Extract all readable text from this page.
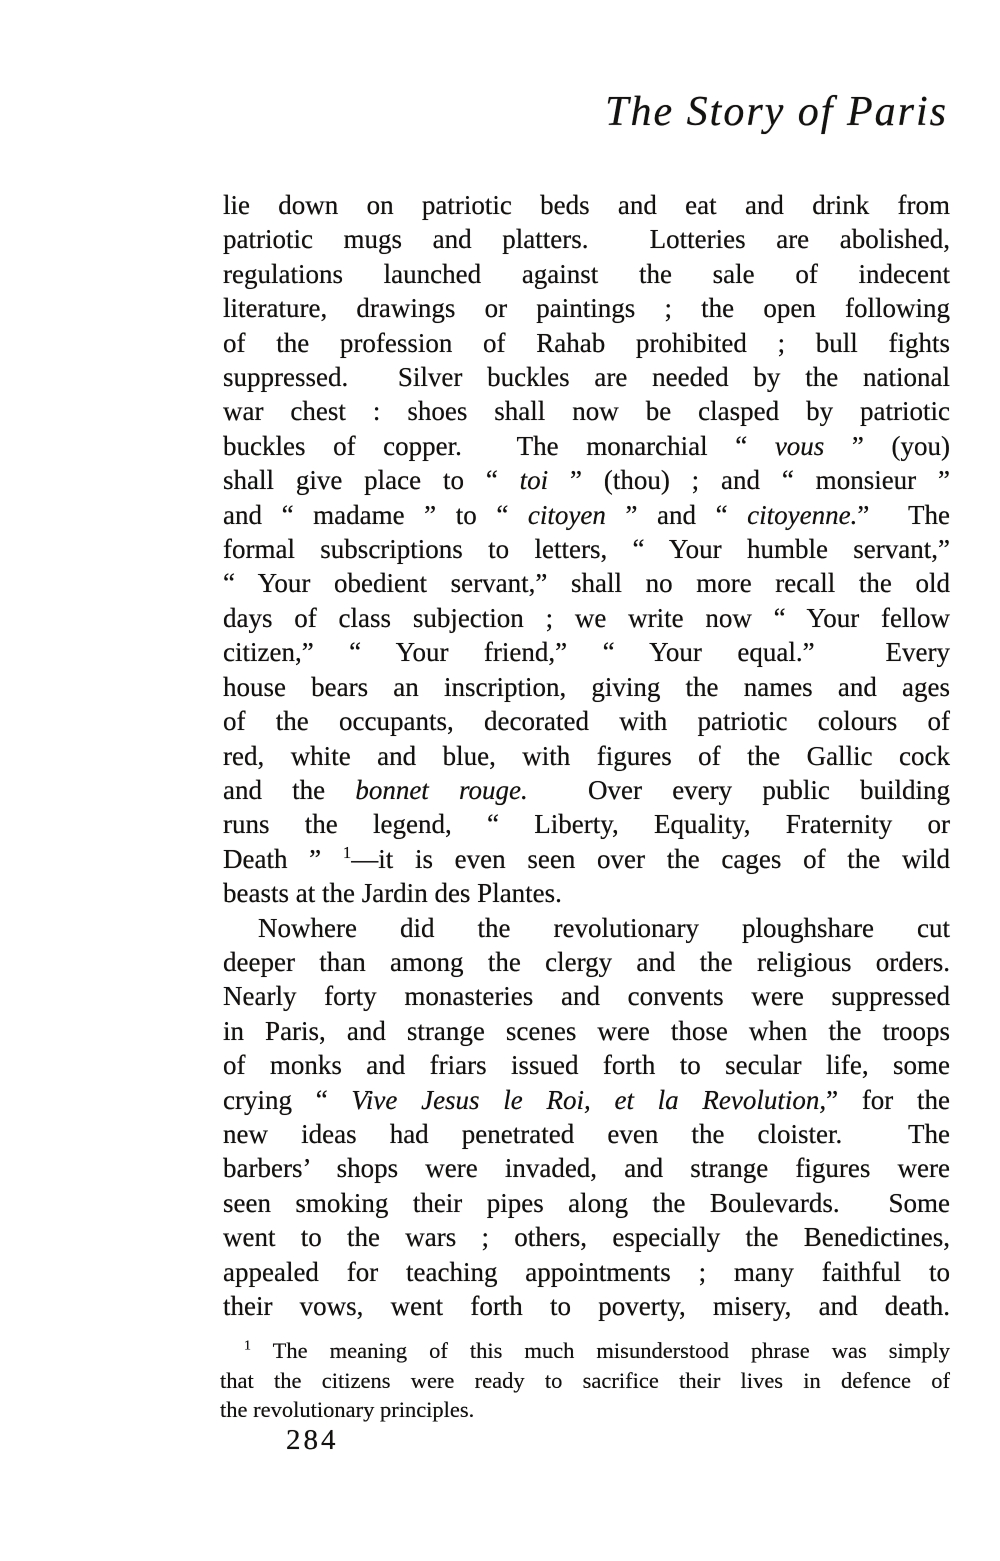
The Story of Paris
lie down on patriotic beds and eat and drink from
patriotic mugs and platters.  Lotteries are abolished,
regulations launched against the sale of indecent
literature, drawings or paintings ; the open following
of the profession of Rahab prohibited ; bull fights
suppressed.  Silver buckles are needed by the national
war chest : shoes shall now be clasped by patriotic
buckles of copper.  The monarchial “ vous ” (you)
shall give place to “ toi ” (thou) ; and “ monsieur ”
and “ madame ” to “ citoyen ” and “ citoyenne.”  The
formal subscriptions to letters, “ Your humble servant,”
“ Your obedient servant,” shall no more recall the old
days of class subjection ; we write now “ Your fellow
citizen,” “ Your friend,” “ Your equal.”  Every
house bears an inscription, giving the names and ages
of the occupants, decorated with patriotic colours of
red, white and blue, with figures of the Gallic cock
and the bonnet rouge.  Over every public building
runs the legend, “ Liberty, Equality, Fraternity or
Death ” $^1$—it is even seen over the cages of the wild
beasts at the Jardin des Plantes.
Nowhere did the revolutionary ploughshare cut
deeper than among the clergy and the religious orders.
Nearly forty monasteries and convents were suppressed
in Paris, and strange scenes were those when the troops
of monks and friars issued forth to secular life, some
crying “ Vive Jesus le Roi, et la Revolution,” for the
new ideas had penetrated even the cloister.  The
barbers’ shops were invaded, and strange figures were
seen smoking their pipes along the Boulevards.  Some
went to the wars ; others, especially the Benedictines,
appealed for teaching appointments ; many faithful to
their vows, went forth to poverty, misery, and death.
$^1$ The meaning of this much misunderstood phrase was simply
that the citizens were ready to sacrifice their lives in defence of
the revolutionary principles.
284
